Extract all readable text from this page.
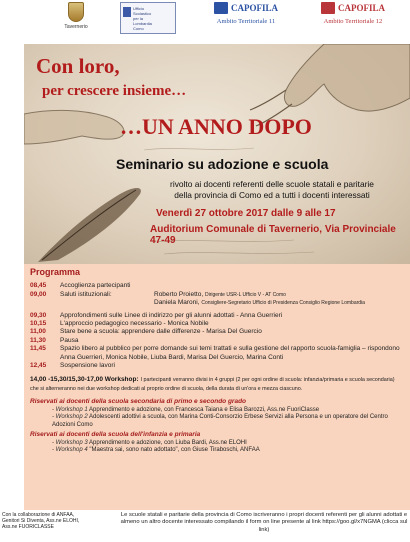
Tavernerio
Ufficio
Scolastico
per la
Lombardia
Como
CAPOFILA
Ambito Territoriale 11
CAPOFILA
Ambito Territoriale 12
Con loro,
per crescere insieme…
…UN ANNO DOPO
Seminario su adozione e scuola
rivolto ai docenti referenti delle scuole statali e paritarie
della provincia di Como ed a tutti i docenti interessati
Venerdì 27 ottobre 2017 dalle 9 alle 17
Auditorium Comunale di Tavernerio, Via Provinciale 47-49
Programma
08,45	Accoglienza partecipanti
09,00	Saluti istituzionali:	Roberto Proietto, Dirigente USR-L Ufficio V - AT Como
Daniela Maroni, Consigliere-Segretario Ufficio di Presidenza Consiglio Regione Lombardia
09,30	Approfondimenti sulle Linee di indirizzo per gli alunni adottati - Anna Guerrieri
10,15	L'approccio pedagogico necessario - Monica Nobile
11,00	Stare bene a scuola: apprendere dalle differenze - Marisa Del Guercio
11,30	Pausa
11,45	Spazio libero al pubblico per porre domande sui temi trattati e sulla gestione del rapporto scuola-famiglia – rispondono Anna Guerrieri, Monica Nobile, Liuba Bardi, Marisa Del Guercio, Marina Conti
12,45	Sospensione lavori
14,00 -15,30/15,30-17,00 Workshop: I partecipanti verranno divisi in 4 gruppi (2 per ogni ordine di scuola: infanzia/primaria e scuola secondaria) che si alterneranno nei due workshop dedicati al proprio ordine di scuola, della durata di un'ora e mezza ciascuno.
Riservati ai docenti della scuola secondaria di primo e secondo grado
- Workshop 1 Apprendimento e adozione, con Francesca Taiana e Elisa Barozzi, Ass.ne FuoriClasse
- Workshop 2 Adolescenti adottivi a scuola, con Marina Conti-Consorzio Erbese Servizi alla Persona e un operatore del Centro Adozioni Como
Riservati ai docenti della scuola dell'infanzia e primaria
- Workshop 3 Apprendimento e adozione, con Liuba Bardi, Ass.ne ELOHI
- Workshop 4 "Maestra sai, sono nato adottato", con Giuse Tiraboschi, ANFAA
Con la collaborazione di ANFAA, Genitori Si Diventa, Ass.ne ELOHI, Ass.ne FUORICLASSE
Le scuole statali e paritarie della provincia di Como iscriveranno i propri docenti referenti per gli alunni adottati e almeno un altro docente interessato compilando il form on line presente al link https://goo.gl/x7NGMA (clicca sul link)
